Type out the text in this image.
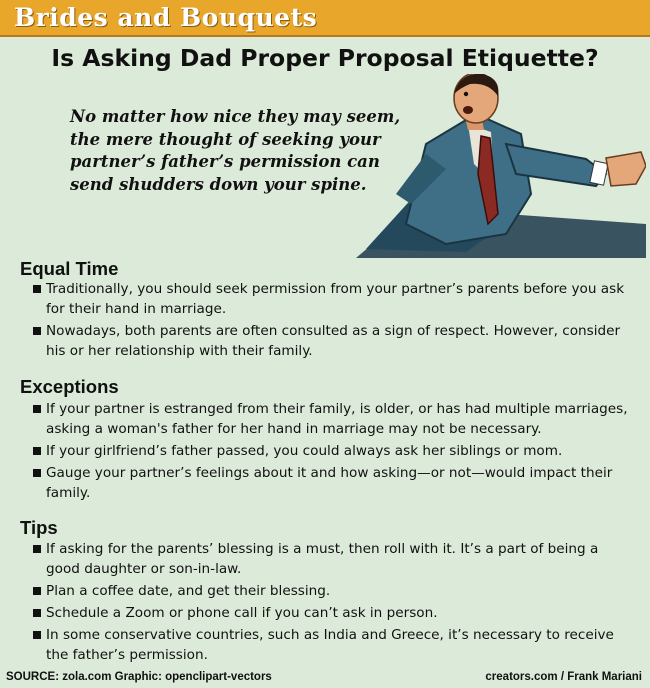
Brides and Bouquets
Is Asking Dad Proper Proposal Etiquette?
No matter how nice they may seem, the mere thought of seeking your partner’s father’s permission can send shudders down your spine.
Equal Time
Traditionally, you should seek permission from your partner’s parents before you ask for their hand in marriage.
Nowadays, both parents are often consulted as a sign of respect. However, consider his or her relationship with their family.
Exceptions
If your partner is estranged from their family, is older, or has had multiple marriages, asking a woman's father for her hand in marriage may not be necessary.
If your girlfriend’s father passed, you could always ask her siblings or mom.
Gauge your partner’s feelings about it and how asking—or not—would impact their family.
Tips
If asking for the parents’ blessing is a must, then roll with it. It’s a part of being a good daughter or son-in-law.
Plan a coffee date, and get their blessing.
Schedule a Zoom or phone call if you can’t ask in person.
In some conservative countries, such as India and Greece, it’s necessary to receive the father’s permission.
SOURCE: zola.com Graphic: openclipart-vectors	creators.com / Frank Mariani
